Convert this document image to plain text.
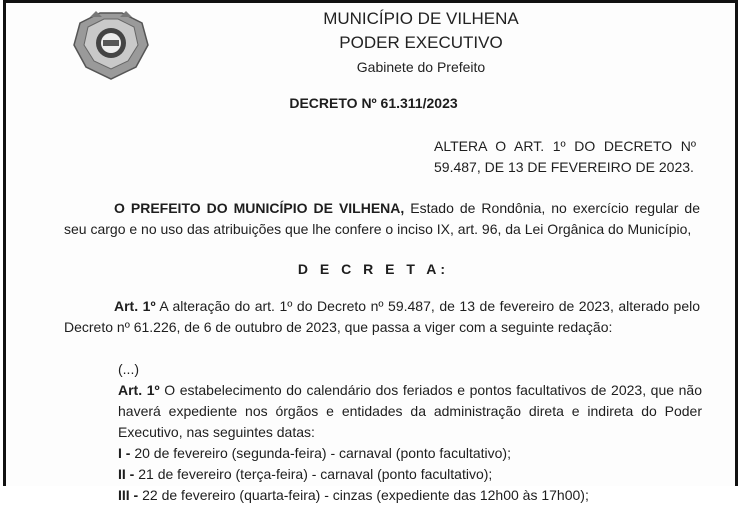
MUNICÍPIO DE VILHENA
PODER EXECUTIVO
Gabinete do Prefeito
DECRETO Nº 61.311/2023
ALTERA O ART. 1º DO DECRETO Nº 59.487, DE 13 DE FEVEREIRO DE 2023.
O PREFEITO DO MUNICÍPIO DE VILHENA, Estado de Rondônia, no exercício regular de seu cargo e no uso das atribuições que lhe confere o inciso IX, art. 96, da Lei Orgânica do Município,
D E C R E T A:
Art. 1º A alteração do art. 1º do Decreto nº 59.487, de 13 de fevereiro de 2023, alterado pelo Decreto nº 61.226, de 6 de outubro de 2023, que passa a viger com a seguinte redação:
(...)
Art. 1º O estabelecimento do calendário dos feriados e pontos facultativos de 2023, que não haverá expediente nos órgãos e entidades da administração direta e indireta do Poder Executivo, nas seguintes datas:
I - 20 de fevereiro (segunda-feira) - carnaval (ponto facultativo);
II - 21 de fevereiro (terça-feira) - carnaval (ponto facultativo);
III - 22 de fevereiro (quarta-feira) - cinzas (expediente das 12h00 às 17h00);
